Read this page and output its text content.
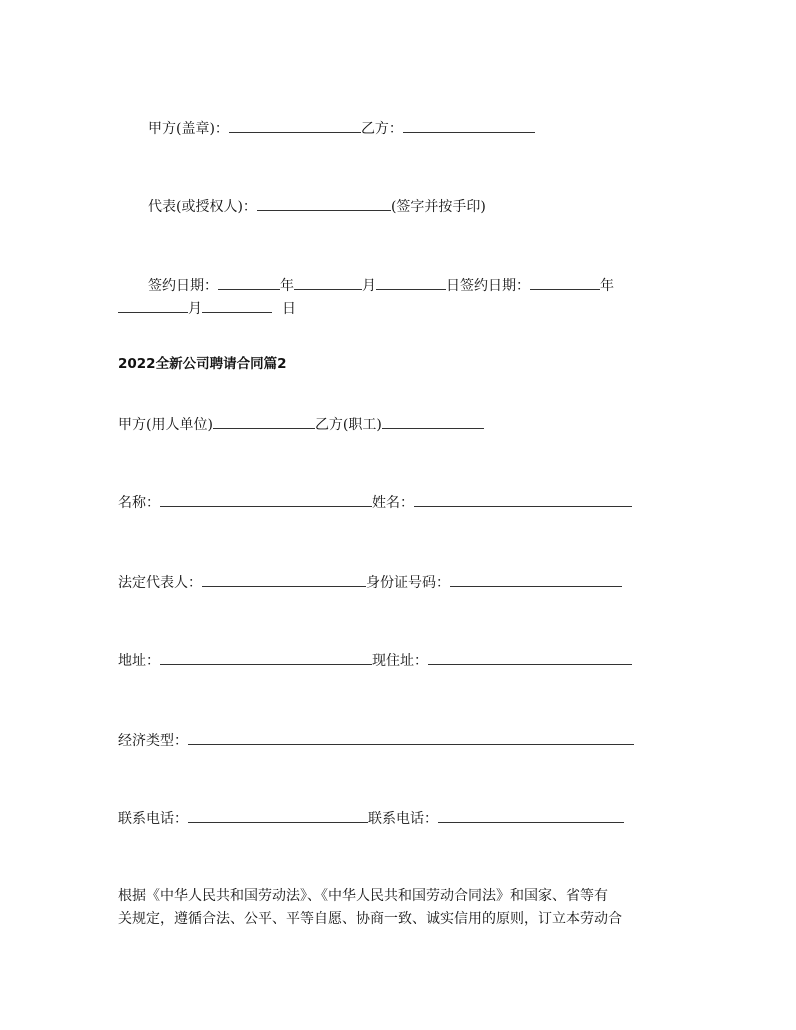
甲方(盖章)：	乙方：
代表(或授权人)：	(签字并按手印)
签约日期：	年	月	日签约日期：	年
月	日
2022全新公司聘请合同篇2
甲方(用人单位)	乙方(职工)
名称：	姓名：
法定代表人：	身份证号码：
地址：	现住址：
经济类型：
联系电话：	联系电话：
根据《中华人民共和国劳动法》、《中华人民共和国劳动合同法》和国家、省等有
关规定，遵循合法、公平、平等自愿、协商一致、诚实信用的原则，订立本劳动合
